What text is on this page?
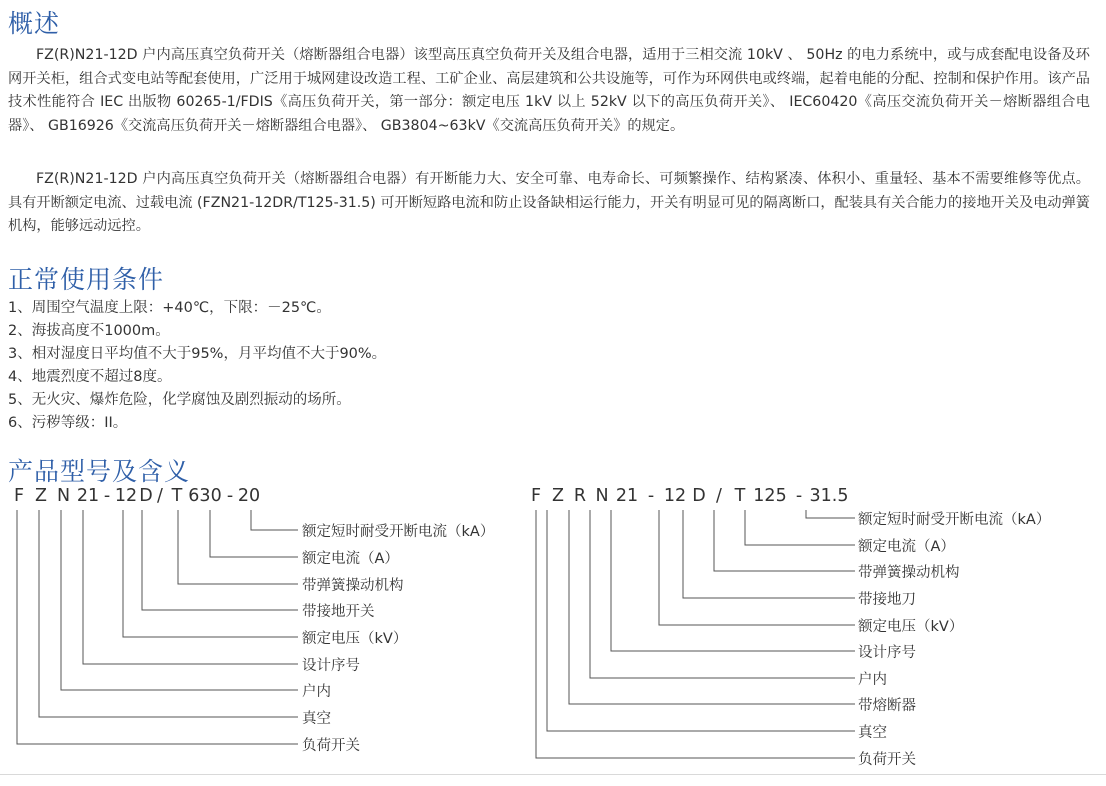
概述

FZ(R)N21-12D 户内高压真空负荷开关（熔断器组合电器）该型高压真空负荷开关及组合电器，适用于三相交流 10kV 、 50Hz 的电力系统中，或与成套配电设备及环网开关柜，组合式变电站等配套使用，广泛用于城网建设改造工程、工矿企业、高层建筑和公共设施等，可作为环网供电或终端，起着电能的分配、控制和保护作用。该产品技术性能符合 IEC 出版物 60265-1/FDIS《高压负荷开关，第一部分：额定电压 1kV 以上 52kV 以下的高压负荷开关》、 IEC60420《高压交流负荷开关－熔断器组合电器》、 GB16926《交流高压负荷开关－熔断器组合电器》、 GB3804~63kV《交流高压负荷开关》的规定。

FZ(R)N21-12D 户内高压真空负荷开关（熔断器组合电器）有开断能力大、安全可靠、电寿命长、可频繁操作、结构紧凑、体积小、重量轻、基本不需要维修等优点。具有开断额定电流、过载电流 (FZN21-12DR/T125-31.5) 可开断短路电流和防止设备缺相运行能力，开关有明显可见的隔离断口，配装具有关合能力的接地开关及电动弹簧机构，能够远动远控。

正常使用条件

1、周围空气温度上限：+40℃，下限：－25℃。

2、海拔高度不1000m。

3、相对湿度日平均值不大于95%，月平均值不大于90%。

4、地震烈度不超过8度。

5、无火灾、爆炸危险，化学腐蚀及剧烈振动的场所。

6、污秽等级：II。

产品型号及含义
F Z N 21 - 12 D / T 630 - 20	F Z R N 21 - 12 D / T 125 - 31.5

额定短时耐受开断电流（kA）

额定电流（A）

带弹簧操动机构

带接地开关

额定电压（kV）

设计序号

户内

真空

负荷开关

额定短时耐受开断电流（kA）

额定电流（A）

带弹簧操动机构

带接地刀

额定电压（kV）

设计序号

户内

带熔断器

真空

负荷开关
